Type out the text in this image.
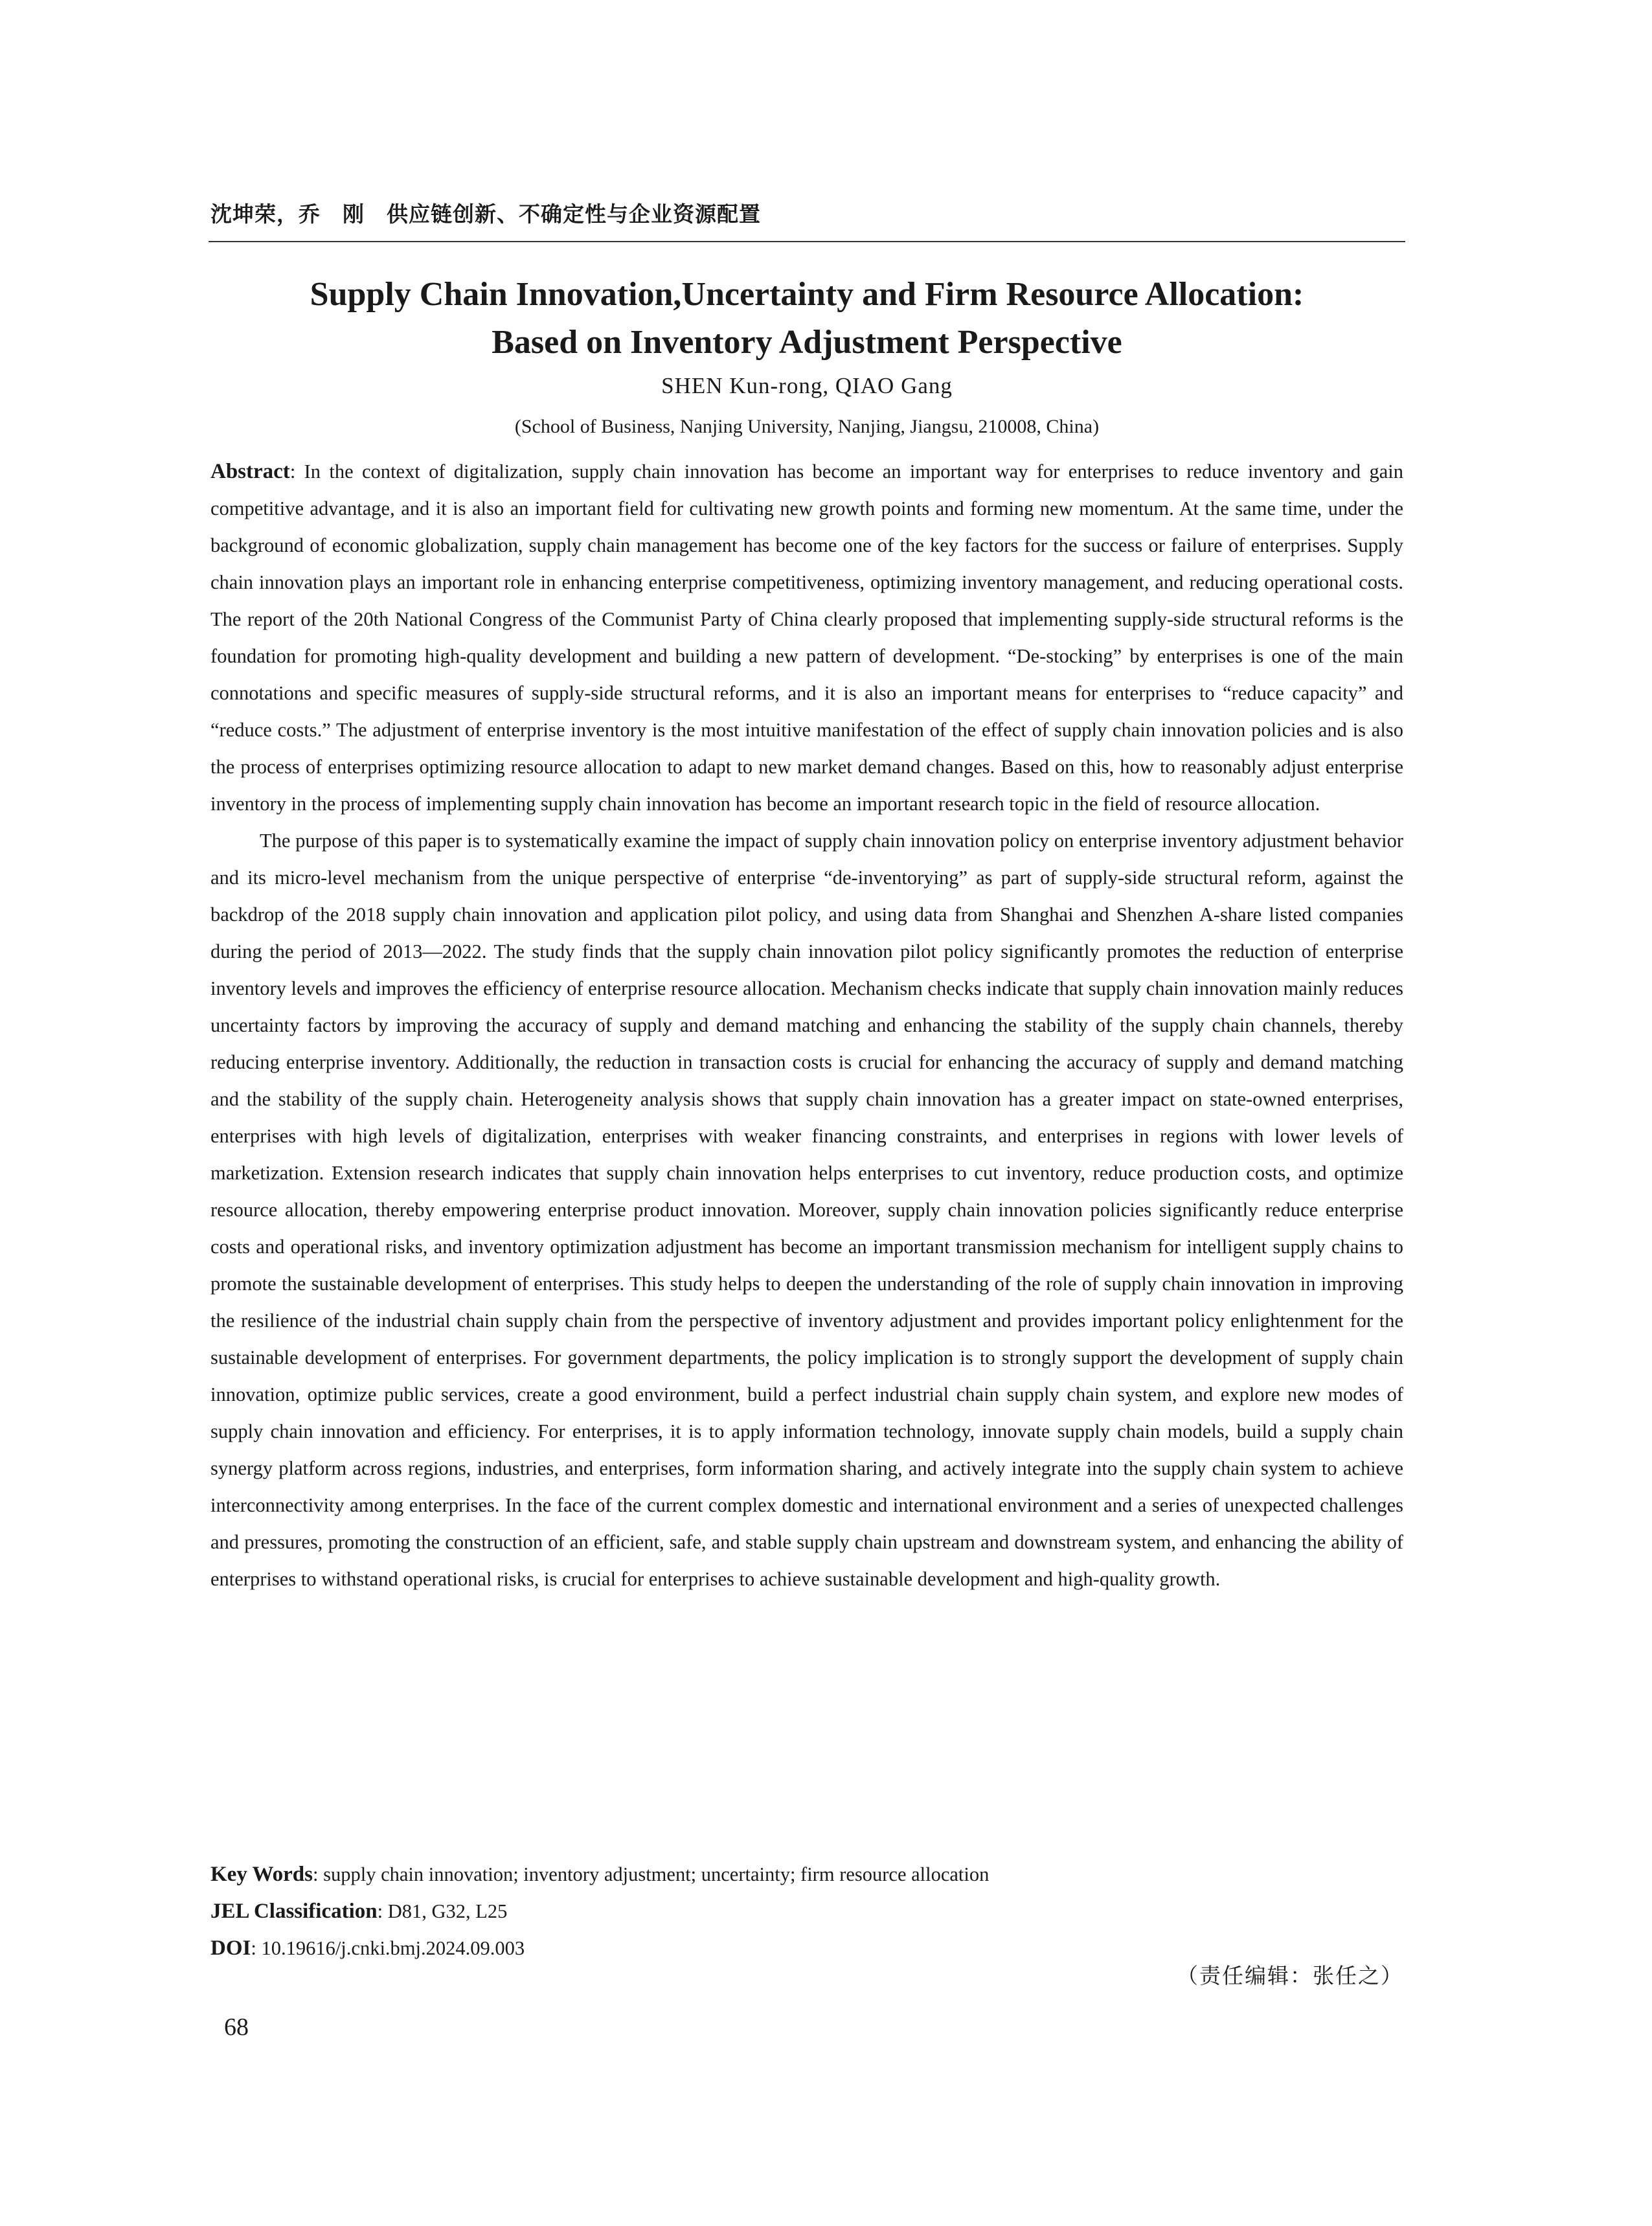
沈坤荣，乔　刚　供应链创新、不确定性与企业资源配置
Supply Chain Innovation,Uncertainty and Firm Resource Allocation:
Based on Inventory Adjustment Perspective
SHEN Kun-rong, QIAO Gang
(School of Business, Nanjing University, Nanjing, Jiangsu, 210008, China)

Abstract: In the context of digitalization, supply chain innovation has become an important way for enterprises to reduce inventory and gain competitive advantage, and it is also an important field for cultivating new growth points and forming new momentum. At the same time, under the background of economic globalization, supply chain management has become one of the key factors for the success or failure of enterprises. Supply chain innovation plays an important role in enhancing enterprise competitiveness, optimizing inventory management, and reducing operational costs. The report of the 20th National Congress of the Communist Party of China clearly proposed that implementing supply-side structural reforms is the foundation for promoting high-quality development and building a new pattern of development. “De-stocking” by enterprises is one of the main connotations and specific measures of supply-side structural reforms, and it is also an important means for enterprises to “reduce capacity” and “reduce costs.” The adjustment of enterprise inventory is the most intuitive manifestation of the effect of supply chain innovation policies and is also the process of enterprises optimizing resource allocation to adapt to new market demand changes. Based on this, how to reasonably adjust enterprise inventory in the process of implementing supply chain innovation has become an important research topic in the field of resource allocation.

The purpose of this paper is to systematically examine the impact of supply chain innovation policy on enterprise inventory adjustment behavior and its micro-level mechanism from the unique perspective of enterprise “de-inventorying” as part of supply-side structural reform, against the backdrop of the 2018 supply chain innovation and application pilot policy, and using data from Shanghai and Shenzhen A-share listed companies during the period of 2013—2022. The study finds that the supply chain innovation pilot policy significantly promotes the reduction of enterprise inventory levels and improves the efficiency of enterprise resource allocation. Mechanism checks indicate that supply chain innovation mainly reduces uncertainty factors by improving the accuracy of supply and demand matching and enhancing the stability of the supply chain channels, thereby reducing enterprise inventory. Additionally, the reduction in transaction costs is crucial for enhancing the accuracy of supply and demand matching and the stability of the supply chain. Heterogeneity analysis shows that supply chain innovation has a greater impact on state-owned enterprises, enterprises with high levels of digitalization, enterprises with weaker financing constraints, and enterprises in regions with lower levels of marketization. Extension research indicates that supply chain innovation helps enterprises to cut inventory, reduce production costs, and optimize resource allocation, thereby empowering enterprise product innovation. Moreover, supply chain innovation policies significantly reduce enterprise costs and operational risks, and inventory optimization adjustment has become an important transmission mechanism for intelligent supply chains to promote the sustainable development of enterprises. This study helps to deepen the understanding of the role of supply chain innovation in improving the resilience of the industrial chain supply chain from the perspective of inventory adjustment and provides important policy enlightenment for the sustainable development of enterprises. For government departments, the policy implication is to strongly support the development of supply chain innovation, optimize public services, create a good environment, build a perfect industrial chain supply chain system, and explore new modes of supply chain innovation and efficiency. For enterprises, it is to apply information technology, innovate supply chain models, build a supply chain synergy platform across regions, industries, and enterprises, form information sharing, and actively integrate into the supply chain system to achieve interconnectivity among enterprises. In the face of the current complex domestic and international environment and a series of unexpected challenges and pressures, promoting the construction of an efficient, safe, and stable supply chain upstream and downstream system, and enhancing the ability of enterprises to withstand operational risks, is crucial for enterprises to achieve sustainable development and high-quality growth.

Key Words: supply chain innovation; inventory adjustment; uncertainty; firm resource allocation
JEL Classification: D81, G32, L25
DOI: 10.19616/j.cnki.bmj.2024.09.003
（责任编辑：张任之）
68
